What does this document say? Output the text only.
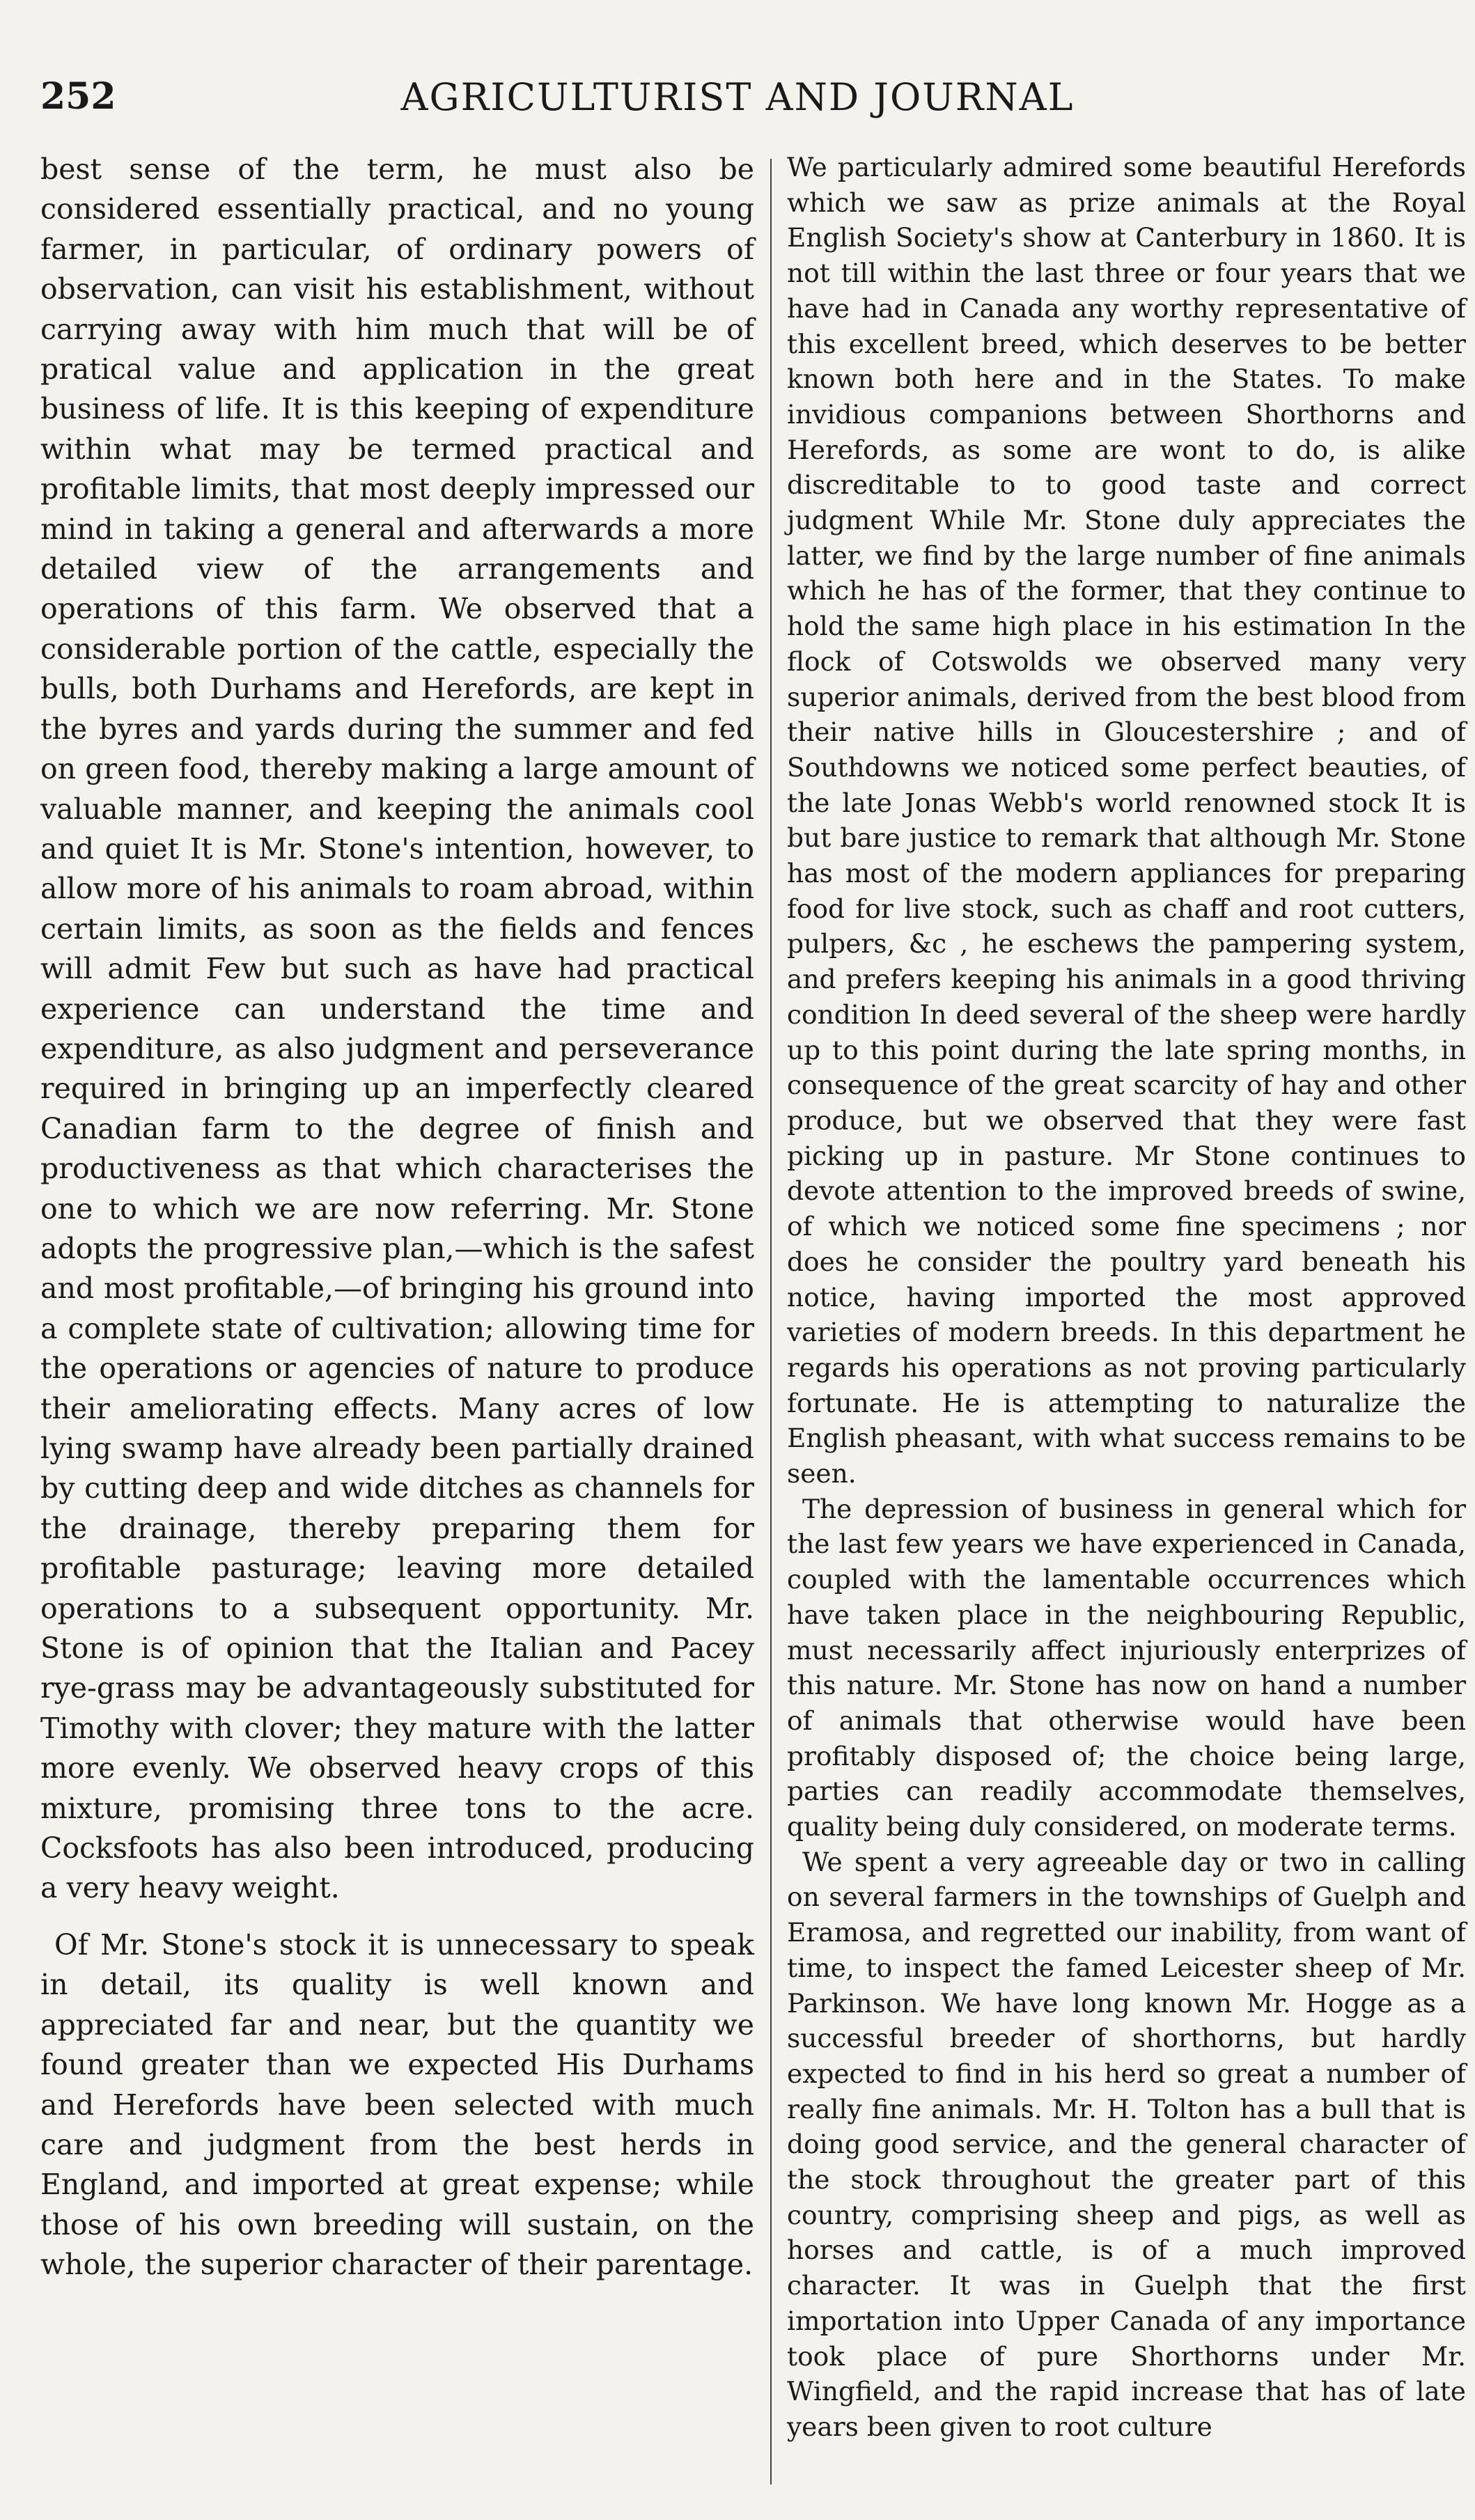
252	AGRICULTURIST AND JOURNAL

best sense of the term, he must also be considered essentially practical, and no young farmer, in particular, of ordinary powers of observation, can visit his establishment, without carrying away with him much that will be of pratical value and application in the great business of life. It is this keeping of expenditure within what may be termed practical and profitable limits, that most deeply impressed our mind in taking a general and afterwards a more detailed view of the arrangements and operations of this farm. We observed that a considerable portion of the cattle, especially the bulls, both Durhams and Herefords, are kept in the byres and yards during the summer and fed on green food, thereby making a large amount of valuable manner, and keeping the animals cool and quiet It is Mr. Stone's intention, however, to allow more of his animals to roam abroad, within certain limits, as soon as the fields and fences will admit Few but such as have had practical experience can understand the time and expenditure, as also judgment and perseverance required in bringing up an imperfectly cleared Canadian farm to the degree of finish and productiveness as that which characterises the one to which we are now referring. Mr. Stone adopts the progressive plan,—which is the safest and most profitable,—of bringing his ground into a complete state of cultivation; allowing time for the operations or agencies of nature to produce their ameliorating effects. Many acres of low lying swamp have already been partially drained by cutting deep and wide ditches as channels for the drainage, thereby preparing them for profitable pasturage; leaving more detailed operations to a subsequent opportunity. Mr. Stone is of opinion that the Italian and Pacey rye-grass may be advantageously substituted for Timothy with clover; they mature with the latter more evenly. We observed heavy crops of this mixture, promising three tons to the acre. Cocksfoots has also been introduced, producing a very heavy weight.

Of Mr. Stone's stock it is unnecessary to speak in detail, its quality is well known and appreciated far and near, but the quantity we found greater than we expected His Durhams and Herefords have been selected with much care and judgment from the best herds in England, and imported at great expense; while those of his own breeding will sustain, on the whole, the superior character of their parentage.

We particularly admired some beautiful Herefords which we saw as prize animals at the Royal English Society's show at Canterbury in 1860. It is not till within the last three or four years that we have had in Canada any worthy representative of this excellent breed, which deserves to be better known both here and in the States. To make invidious companions between Shorthorns and Herefords, as some are wont to do, is alike discreditable to to good taste and correct judgment While Mr. Stone duly appreciates the latter, we find by the large number of fine animals which he has of the former, that they continue to hold the same high place in his estimation In the flock of Cotswolds we observed many very superior animals, derived from the best blood from their native hills in Gloucestershire ; and of Southdowns we noticed some perfect beauties, of the late Jonas Webb's world renowned stock It is but bare justice to remark that although Mr. Stone has most of the modern appliances for preparing food for live stock, such as chaff and root cutters, pulpers, &c , he eschews the pampering system, and prefers keeping his animals in a good thriving condition In deed several of the sheep were hardly up to this point during the late spring months, in consequence of the great scarcity of hay and other produce, but we observed that they were fast picking up in pasture. Mr Stone continues to devote attention to the improved breeds of swine, of which we noticed some fine specimens ; nor does he consider the poultry yard beneath his notice, having imported the most approved varieties of modern breeds. In this department he regards his operations as not proving particularly fortunate. He is attempting to naturalize the English pheasant, with what success remains to be seen.

The depression of business in general which for the last few years we have experienced in Canada, coupled with the lamentable occurrences which have taken place in the neighbouring Republic, must necessarily affect injuriously enterprizes of this nature. Mr. Stone has now on hand a number of animals that otherwise would have been profitably disposed of; the choice being large, parties can readily accommodate themselves, quality being duly considered, on moderate terms.

We spent a very agreeable day or two in calling on several farmers in the townships of Guelph and Eramosa, and regretted our inability, from want of time, to inspect the famed Leicester sheep of Mr. Parkinson. We have long known Mr. Hogge as a successful breeder of shorthorns, but hardly expected to find in his herd so great a number of really fine animals. Mr. H. Tolton has a bull that is doing good service, and the general character of the stock throughout the greater part of this country, comprising sheep and pigs, as well as horses and cattle, is of a much improved character. It was in Guelph that the first importation into Upper Canada of any importance took place of pure Shorthorns under Mr. Wingfield, and the rapid increase that has of late years been given to root culture
